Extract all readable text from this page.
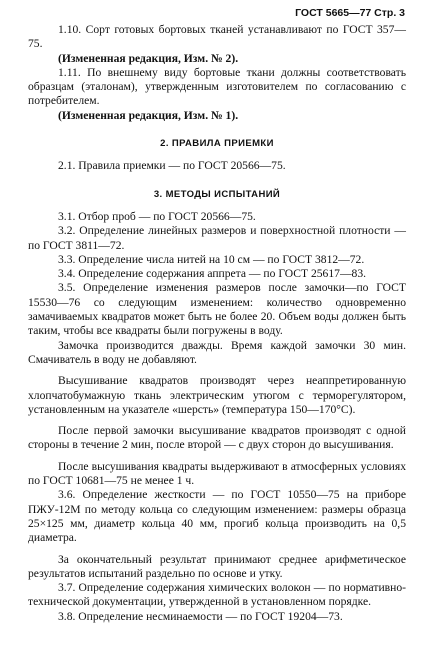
ГОСТ 5665—77 Стр. 3

1.10. Сорт готовых бортовых тканей устанавливают по ГОСТ 357—75.

(Измененная редакция, Изм. № 2).

1.11. По внешнему виду бортовые ткани должны соответствовать образцам (эталонам), утвержденным изготовителем по согласованию с потребителем.

(Измененная редакция, Изм. № 1).

2. ПРАВИЛА ПРИЕМКИ

2.1. Правила приемки — по ГОСТ 20566—75.

3. МЕТОДЫ ИСПЫТАНИЙ

3.1. Отбор проб — по ГОСТ 20566—75.

3.2. Определение линейных размеров и поверхностной плотности — по ГОСТ 3811—72.

3.3. Определение числа нитей на 10 см — по ГОСТ 3812—72.

3.4. Определение содержания аппрета — по ГОСТ 25617—83.

3.5. Определение изменения размеров после замочки—по ГОСТ 15530—76 со следующим изменением: количество одновременно замачиваемых квадратов может быть не более 20. Объем воды должен быть таким, чтобы все квадраты были погружены в воду.

Замочка производится дважды. Время каждой замочки 30 мин. Смачиватель в воду не добавляют.

Высушивание квадратов производят через неаппретированную хлопчатобумажную ткань электрическим утюгом с терморегулятором, установленным на указателе «шерсть» (температура 150—170°С).

После первой замочки высушивание квадратов производят с одной стороны в течение 2 мин, после второй — с двух сторон до высушивания.

После высушивания квадраты выдерживают в атмосферных условиях по ГОСТ 10681—75 не менее 1 ч.

3.6. Определение жесткости — по ГОСТ 10550—75 на приборе ПЖУ-12М по методу кольца со следующим изменением: размеры образца 25×125 мм, диаметр кольца 40 мм, прогиб кольца производить на 0,5 диаметра.

За окончательный результат принимают среднее арифметическое результатов испытаний раздельно по основе и утку.

3.7. Определение содержания химических волокон — по нормативно-технической документации, утвержденной в установленном порядке.

3.8. Определение несминаемости — по ГОСТ 19204—73.
